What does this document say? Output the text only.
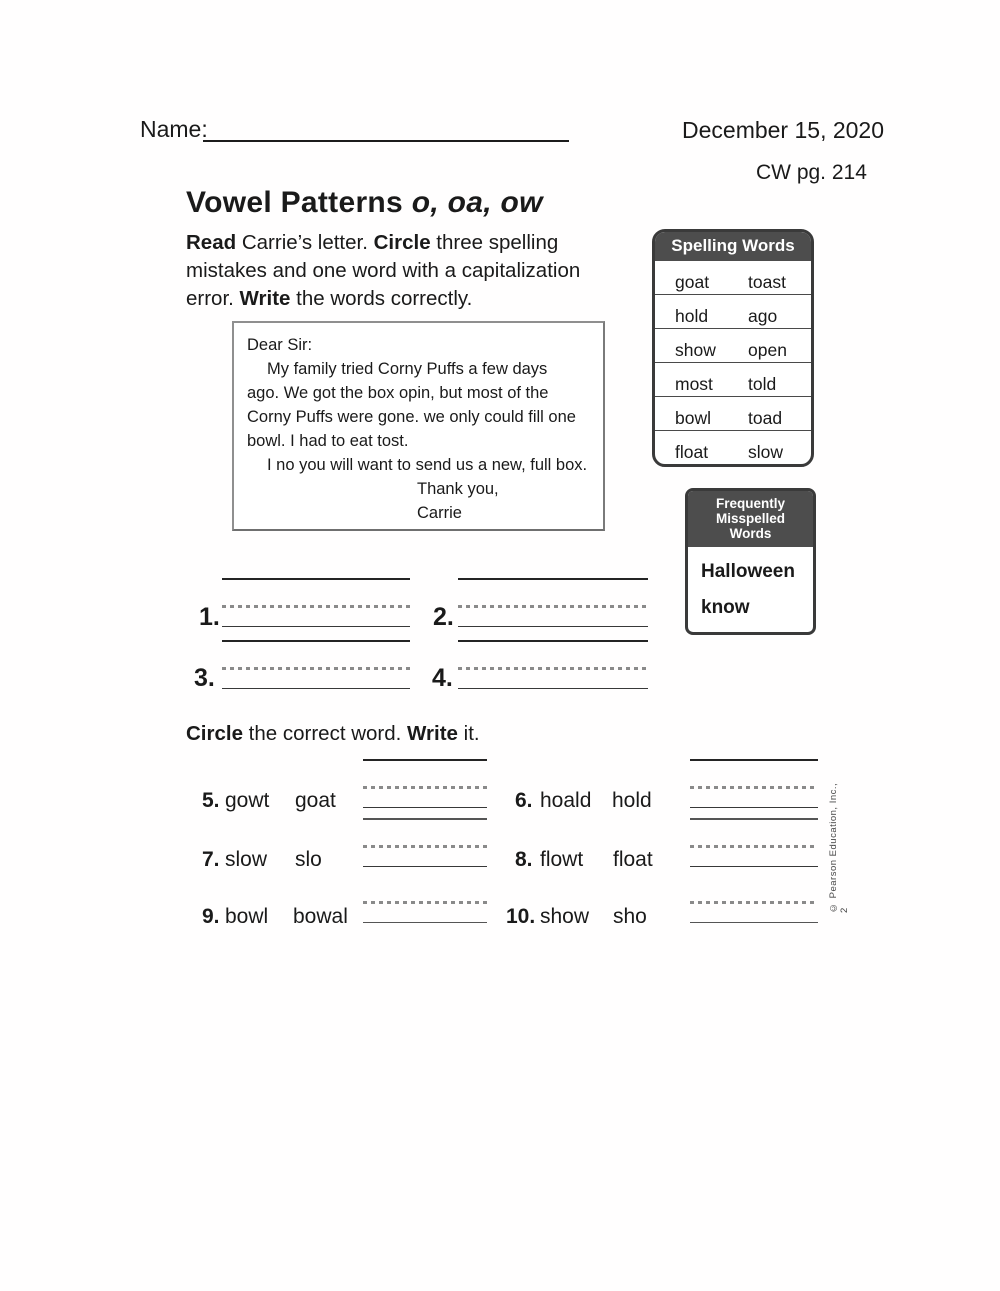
Name:	December 15, 2020
CW pg. 214
Vowel Patterns o, oa, ow
Read Carrie’s letter. Circle three spelling
mistakes and one word with a capitalization
error. Write the words correctly.
Dear Sir:
My family tried Corny Puffs a few days
ago. We got the box opin, but most of the
Corny Puffs were gone. we only could fill one
bowl. I had to eat tost.
I no you will want to send us a new, full box.
Thank you,
Carrie
Spelling Words
goat	toast
hold	ago
show	open
most	told
bowl	toad
float	slow
Frequently
Misspelled
Words
Halloween
know
1.	2.
3.	4.
Circle the correct word. Write it.
5. gowt goat	6. hoald hold
7. slow slo	8. flowt float
9. bowl bowal	10. show sho
© Pearson Education, Inc., 2
